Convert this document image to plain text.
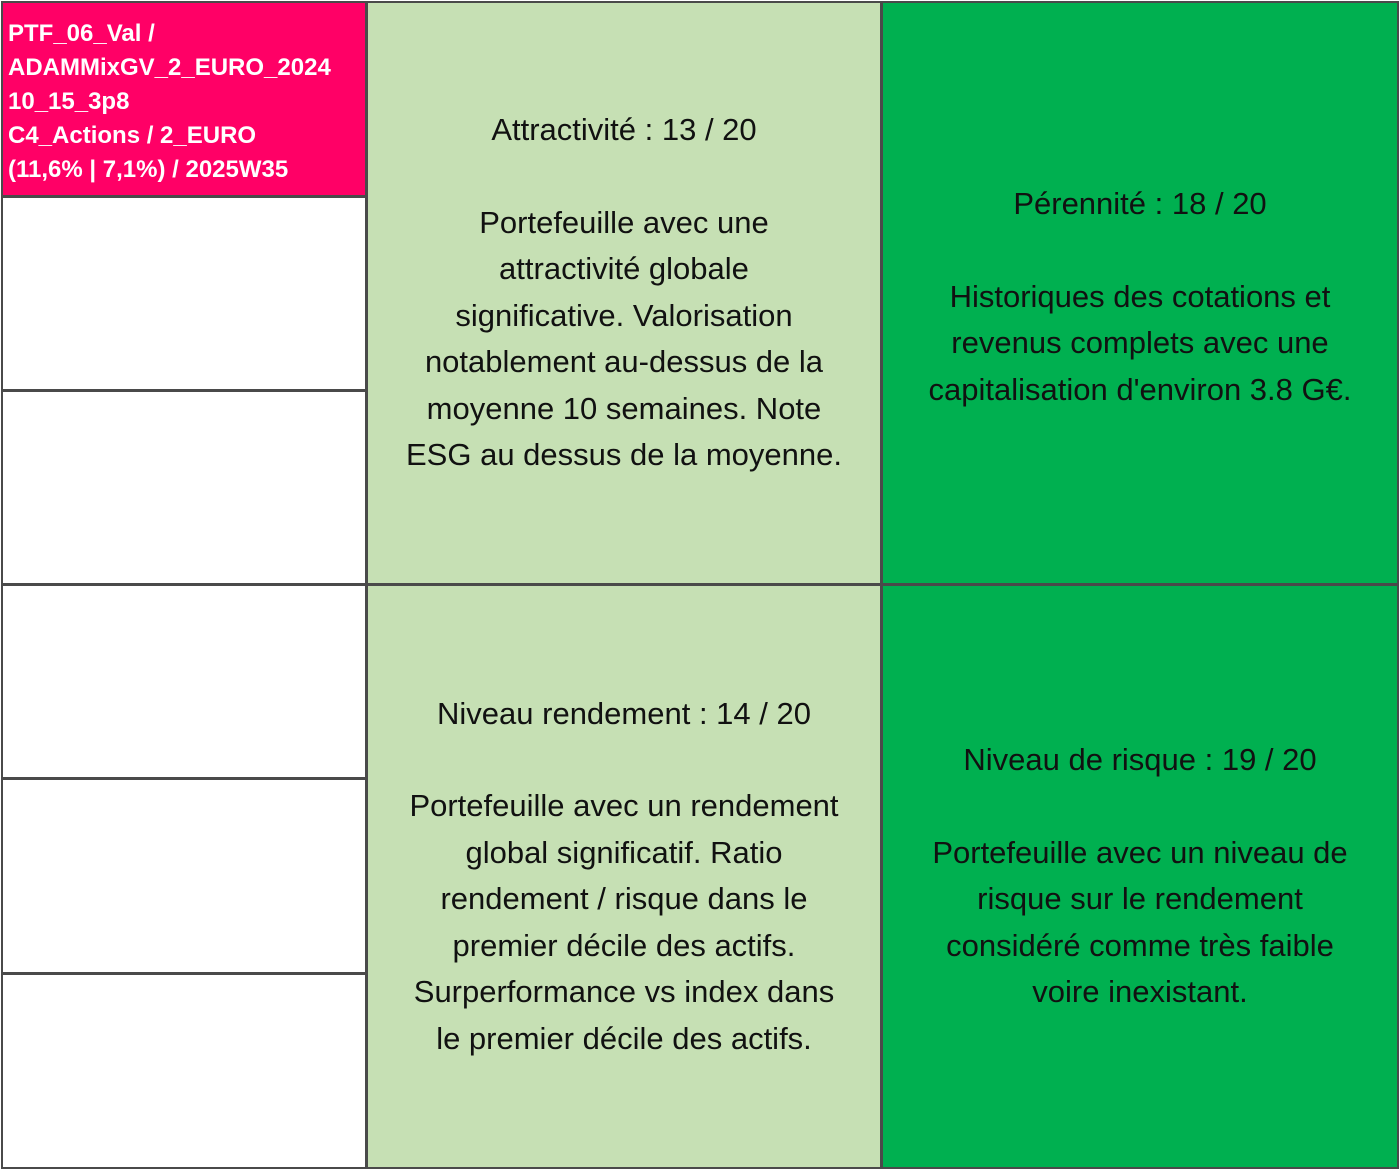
PTF_06_Val /
ADAMMixGV_2_EURO_2024
10_15_3p8
C4_Actions / 2_EURO
(11,6% | 7,1%) / 2025W35
Attractivité : 13 / 20
Portefeuille avec une
attractivité globale
significative. Valorisation
notablement au-dessus de la
moyenne 10 semaines. Note
ESG au dessus de la moyenne.
Pérennité : 18 / 20
Historiques des cotations et
revenus complets avec une
capitalisation d'environ 3.8 G€.
Niveau rendement : 14 / 20
Portefeuille avec un rendement
global significatif. Ratio
rendement / risque dans le
premier décile des actifs.
Surperformance vs index dans
le premier décile des actifs.
Niveau de risque : 19 / 20
Portefeuille avec un niveau de
risque sur le rendement
considéré comme très faible
voire inexistant.
